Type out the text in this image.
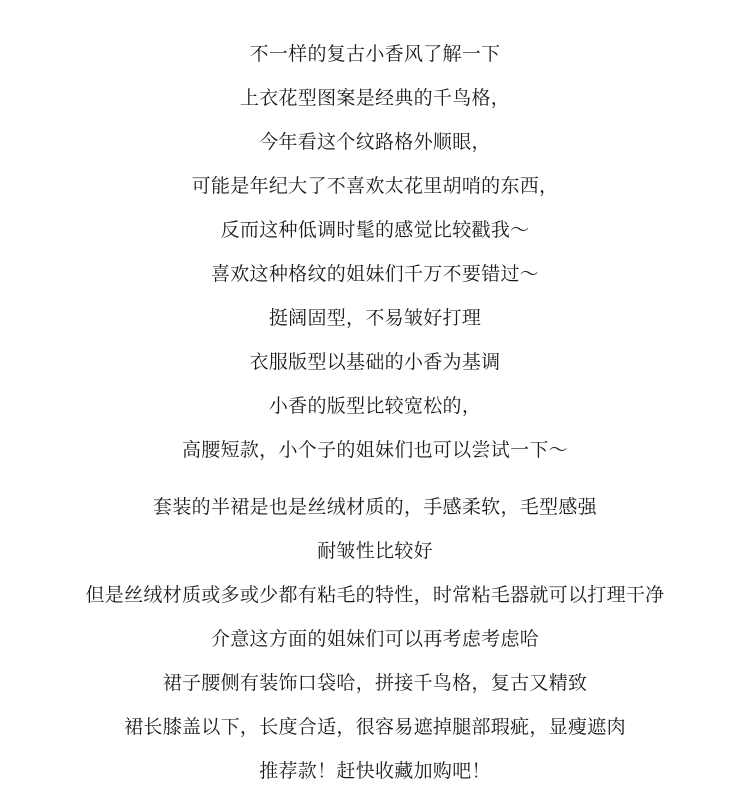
不一样的复古小香风了解一下
上衣花型图案是经典的千鸟格，
今年看这个纹路格外顺眼，
可能是年纪大了不喜欢太花里胡哨的东西，
反而这种低调时髦的感觉比较戳我～
喜欢这种格纹的姐妹们千万不要错过～
挺阔固型，不易皱好打理
衣服版型以基础的小香为基调
小香的版型比较宽松的，
高腰短款，小个子的姐妹们也可以尝试一下～
套装的半裙是也是丝绒材质的，手感柔软，毛型感强
耐皱性比较好
但是丝绒材质或多或少都有粘毛的特性，时常粘毛器就可以打理干净
介意这方面的姐妹们可以再考虑考虑哈
裙子腰侧有装饰口袋哈，拼接千鸟格，复古又精致
裙长膝盖以下，长度合适，很容易遮掉腿部瑕疵，显瘦遮肉
推荐款！赶快收藏加购吧！
